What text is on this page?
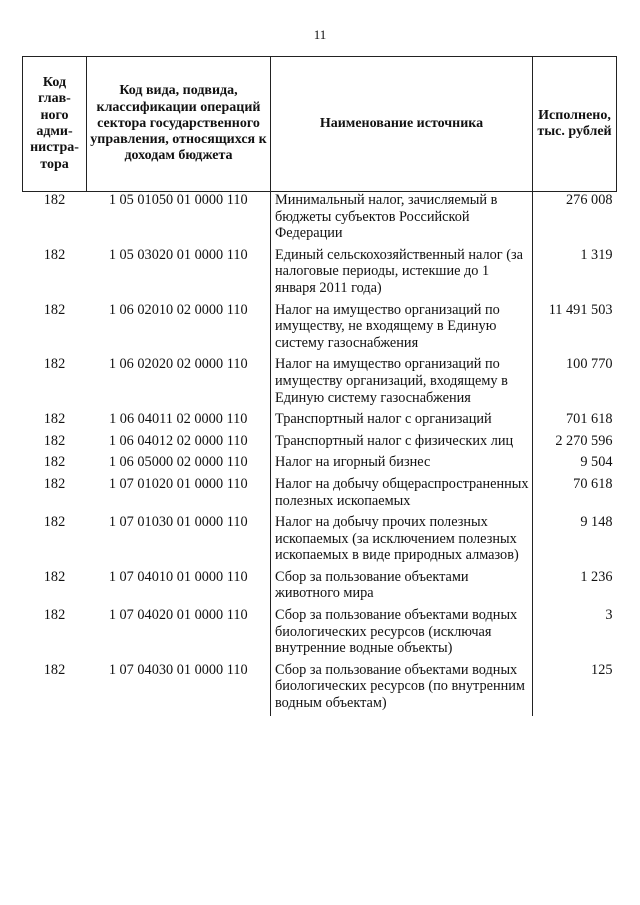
11
Код глав- ного адми- нистра- тора	Код вида, подвида, классификации операций сектора государственного управления, относящихся к доходам бюджета	Наименование источника	Исполнено, тыс. рублей
182	1 05 01050 01 0000 110	Минимальный налог, зачисляемый в бюджеты субъектов Российской Федерации	276 008
182	1 05 03020 01 0000 110	Единый сельскохозяйственный налог (за налоговые периоды, истекшие до 1 января 2011 года)	1 319
182	1 06 02010 02 0000 110	Налог на имущество организаций по имуществу, не входящему в Единую систему газоснабжения	11 491 503
182	1 06 02020 02 0000 110	Налог на имущество организаций по имуществу организаций, входящему в Единую систему газоснабжения	100 770
182	1 06 04011 02 0000 110	Транспортный налог с организаций	701 618
182	1 06 04012 02 0000 110	Транспортный налог с физических лиц	2 270 596
182	1 06 05000 02 0000 110	Налог на игорный бизнес	9 504
182	1 07 01020 01 0000 110	Налог на добычу общераспространенных полезных ископаемых	70 618
182	1 07 01030 01 0000 110	Налог на добычу прочих полезных ископаемых (за исключением полезных ископаемых в виде природных алмазов)	9 148
182	1 07 04010 01 0000 110	Сбор за пользование объектами животного мира	1 236
182	1 07 04020 01 0000 110	Сбор за пользование объектами водных биологических ресурсов (исключая внутренние водные объекты)	3
182	1 07 04030 01 0000 110	Сбор за пользование объектами водных биологических ресурсов (по внутренним водным объектам)	125
